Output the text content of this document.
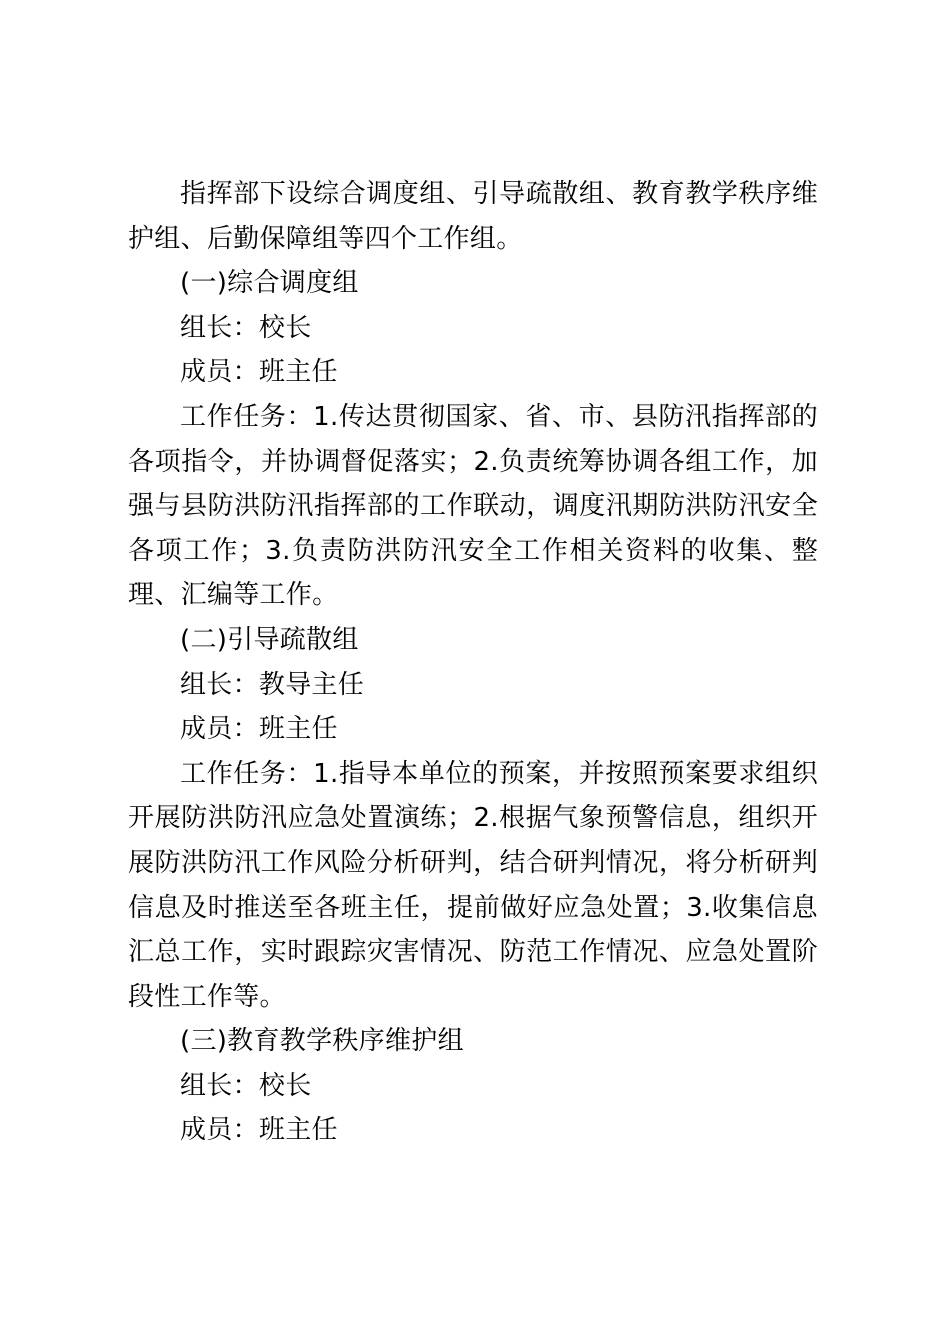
指挥部下设综合调度组、引导疏散组、教育教学秩序维护组、后勤保障组等四个工作组。

(一)综合调度组

组长：校长

成员：班主任

工作任务：1.传达贯彻国家、省、市、县防汛指挥部的各项指令，并协调督促落实；2.负责统筹协调各组工作，加强与县防洪防汛指挥部的工作联动，调度汛期防洪防汛安全各项工作；3.负责防洪防汛安全工作相关资料的收集、整理、汇编等工作。

(二)引导疏散组

组长：教导主任

成员：班主任

工作任务：1.指导本单位的预案，并按照预案要求组织开展防洪防汛应急处置演练；2.根据气象预警信息，组织开展防洪防汛工作风险分析研判，结合研判情况，将分析研判信息及时推送至各班主任，提前做好应急处置；3.收集信息汇总工作，实时跟踪灾害情况、防范工作情况、应急处置阶段性工作等。

(三)教育教学秩序维护组

组长：校长

成员：班主任
